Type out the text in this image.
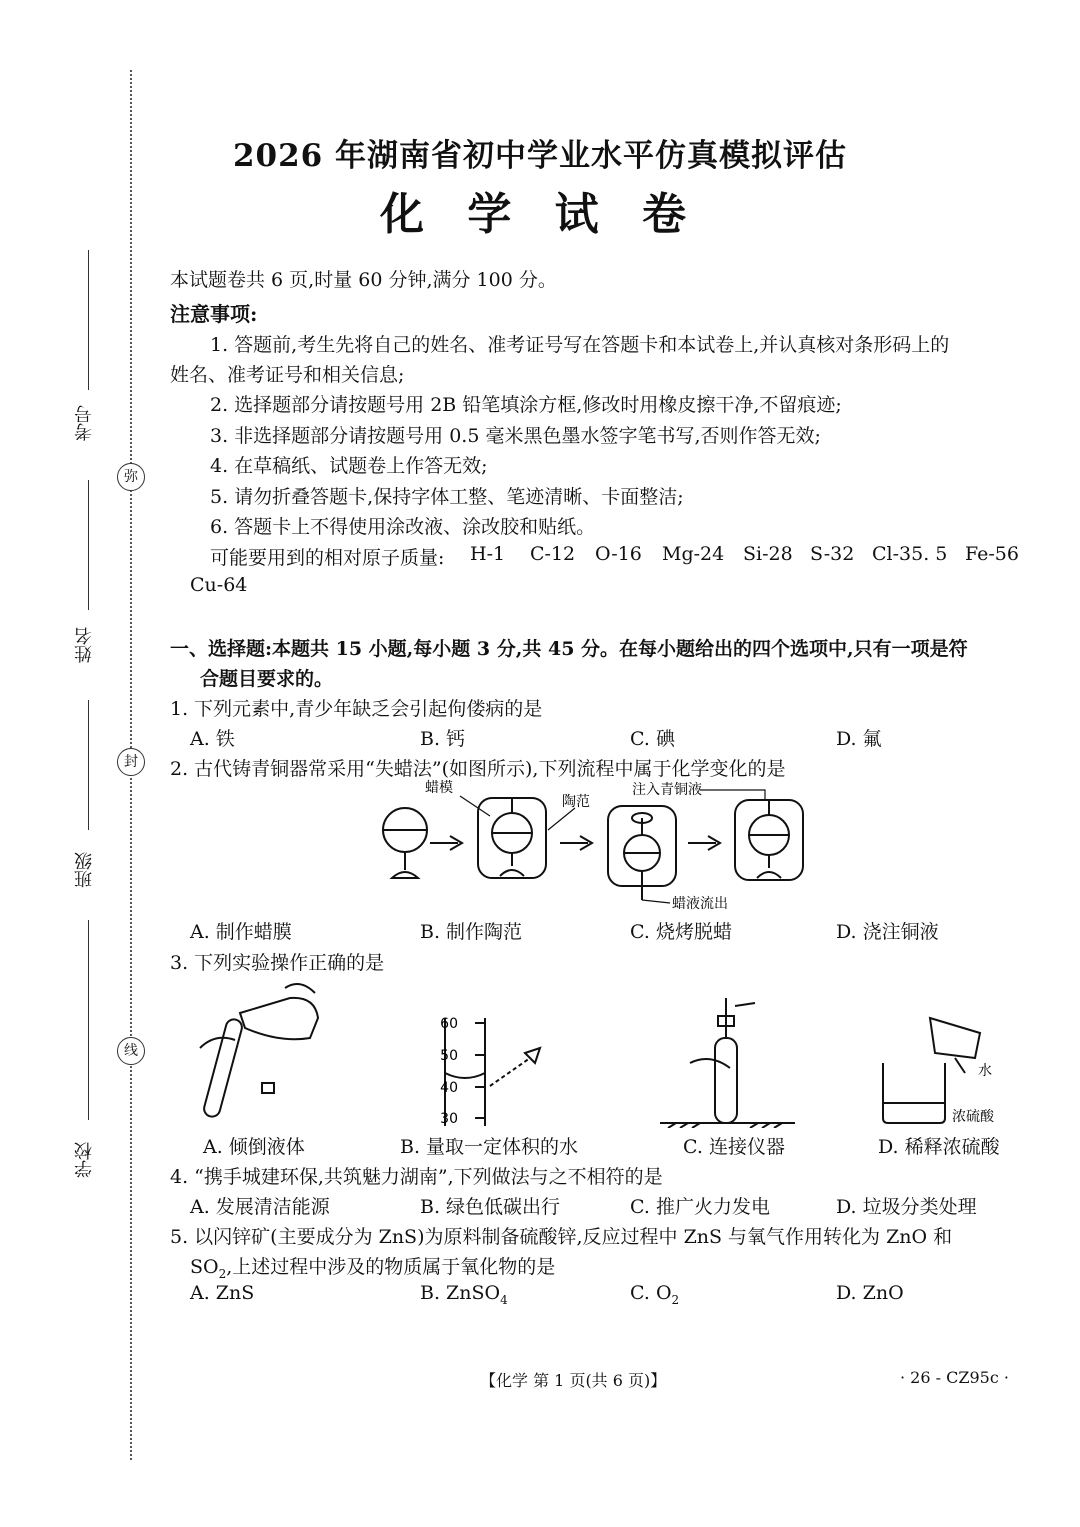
弥
封
线
考号
姓名
班级
学校
2026 年湖南省初中学业水平仿真模拟评估
化 学 试 卷
本试题卷共 6 页,时量 60 分钟,满分 100 分。
注意事项:
1. 答题前,考生先将自己的姓名、准考证号写在答题卡和本试卷上,并认真核对条形码上的
姓名、准考证号和相关信息;
2. 选择题部分请按题号用 2B 铅笔填涂方框,修改时用橡皮擦干净,不留痕迹;
3. 非选择题部分请按题号用 0.5 毫米黑色墨水签字笔书写,否则作答无效;
4. 在草稿纸、试题卷上作答无效;
5. 请勿折叠答题卡,保持字体工整、笔迹清晰、卡面整洁;
6. 答题卡上不得使用涂改液、涂改胶和贴纸。
可能要用到的相对原子质量: H-1 C-12 O-16 Mg-24 Si-28 S-32 Cl-35. 5 Fe-56
Cu-64
一、选择题:本题共 15 小题,每小题 3 分,共 45 分。在每小题给出的四个选项中,只有一项是符
合题目要求的。
1. 下列元素中,青少年缺乏会引起佝偻病的是
A. 铁	B. 钙	C. 碘	D. 氟
2. 古代铸青铜器常采用“失蜡法”(如图所示),下列流程中属于化学变化的是
蜡模
陶范
注入青铜液
蜡液流出
A. 制作蜡膜	B. 制作陶范	C. 烧烤脱蜡	D. 浇注铜液
3. 下列实验操作正确的是
60
50
40
30
水
浓硫酸
A. 倾倒液体	B. 量取一定体积的水	C. 连接仪器	D. 稀释浓硫酸
4. “携手城建环保,共筑魅力湖南”,下列做法与之不相符的是
A. 发展清洁能源	B. 绿色低碳出行	C. 推广火力发电	D. 垃圾分类处理
5. 以闪锌矿(主要成分为 ZnS)为原料制备硫酸锌,反应过程中 ZnS 与氧气作用转化为 ZnO 和
$SO_2$,上述过程中涉及的物质属于氧化物的是
A. ZnS	B. ZnSO$_4$	C. $O_2$	D. ZnO
【化学 第 1 页(共 6 页)】	· 26 - CZ95c ·
